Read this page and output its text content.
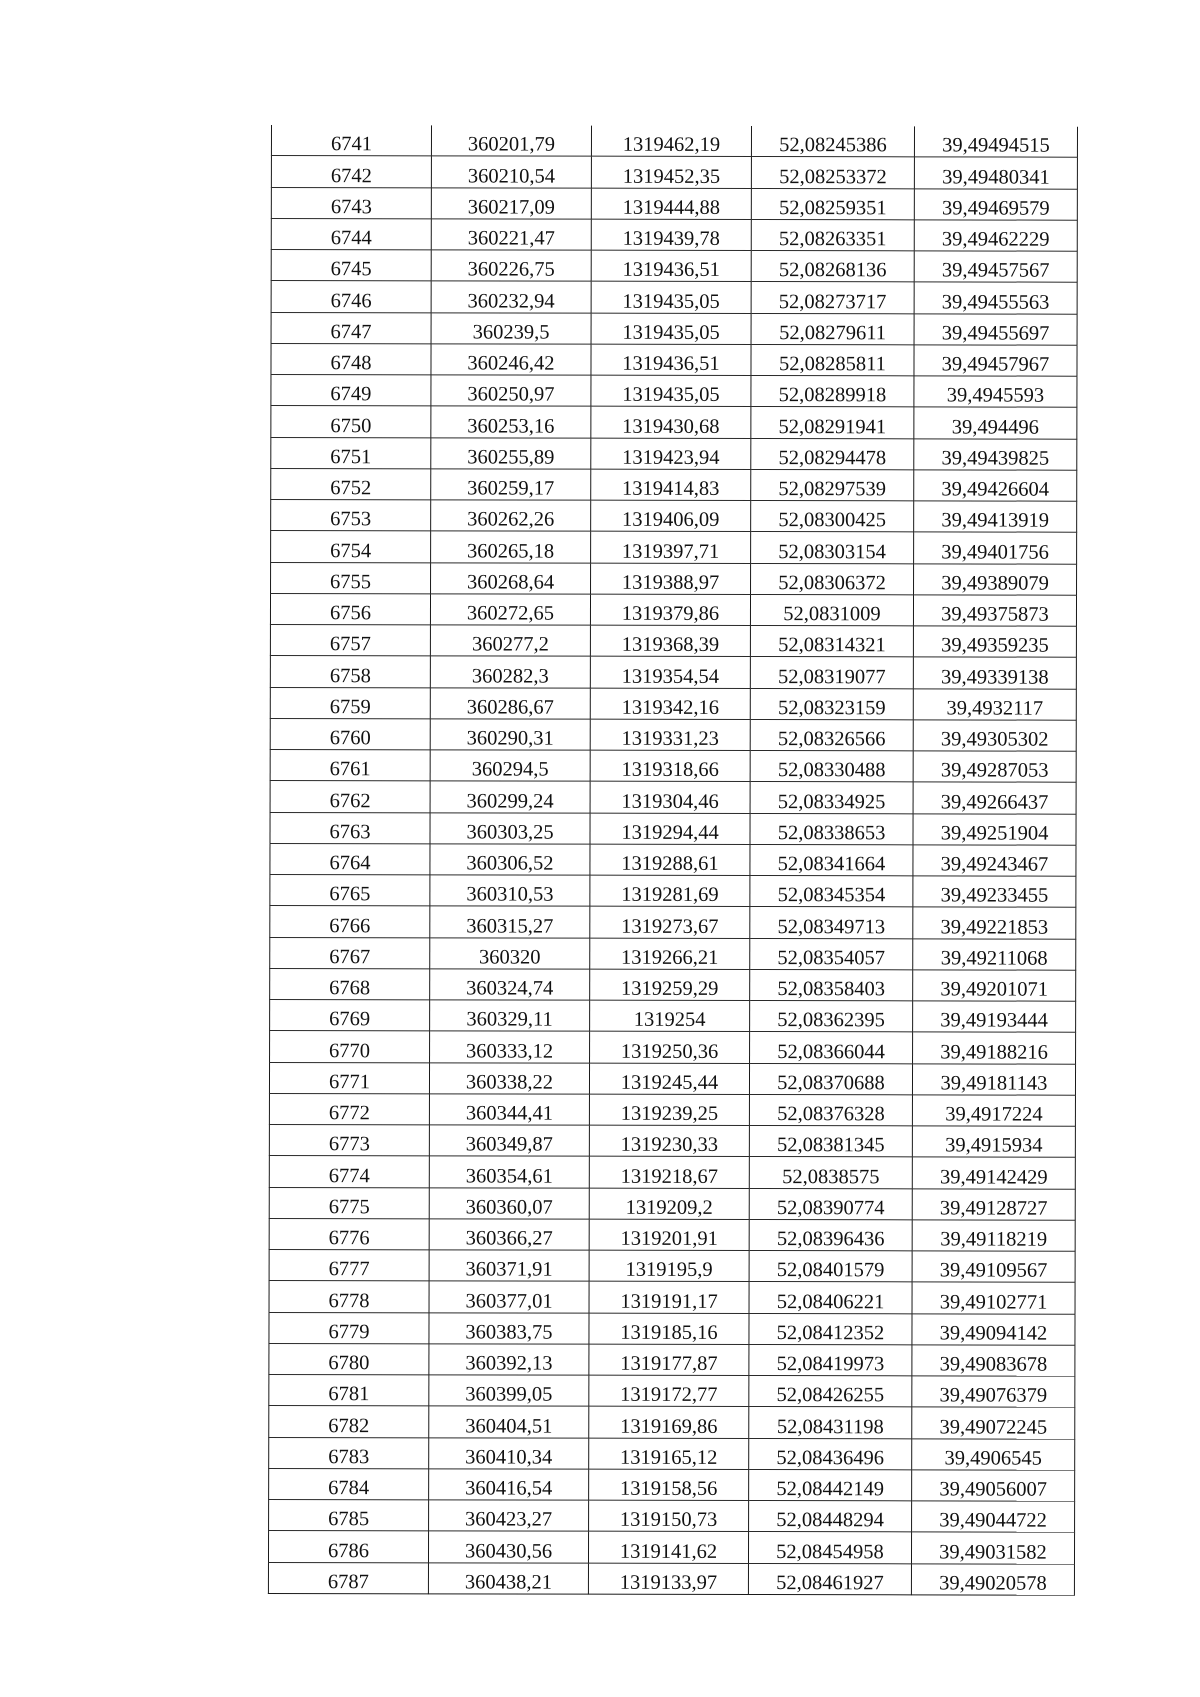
6741	360201,79	1319462,19	52,08245386	39,49494515
6742	360210,54	1319452,35	52,08253372	39,49480341
6743	360217,09	1319444,88	52,08259351	39,49469579
6744	360221,47	1319439,78	52,08263351	39,49462229
6745	360226,75	1319436,51	52,08268136	39,49457567
6746	360232,94	1319435,05	52,08273717	39,49455563
6747	360239,5	1319435,05	52,08279611	39,49455697
6748	360246,42	1319436,51	52,08285811	39,49457967
6749	360250,97	1319435,05	52,08289918	39,4945593
6750	360253,16	1319430,68	52,08291941	39,494496
6751	360255,89	1319423,94	52,08294478	39,49439825
6752	360259,17	1319414,83	52,08297539	39,49426604
6753	360262,26	1319406,09	52,08300425	39,49413919
6754	360265,18	1319397,71	52,08303154	39,49401756
6755	360268,64	1319388,97	52,08306372	39,49389079
6756	360272,65	1319379,86	52,0831009	39,49375873
6757	360277,2	1319368,39	52,08314321	39,49359235
6758	360282,3	1319354,54	52,08319077	39,49339138
6759	360286,67	1319342,16	52,08323159	39,4932117
6760	360290,31	1319331,23	52,08326566	39,49305302
6761	360294,5	1319318,66	52,08330488	39,49287053
6762	360299,24	1319304,46	52,08334925	39,49266437
6763	360303,25	1319294,44	52,08338653	39,49251904
6764	360306,52	1319288,61	52,08341664	39,49243467
6765	360310,53	1319281,69	52,08345354	39,49233455
6766	360315,27	1319273,67	52,08349713	39,49221853
6767	360320	1319266,21	52,08354057	39,49211068
6768	360324,74	1319259,29	52,08358403	39,49201071
6769	360329,11	1319254	52,08362395	39,49193444
6770	360333,12	1319250,36	52,08366044	39,49188216
6771	360338,22	1319245,44	52,08370688	39,49181143
6772	360344,41	1319239,25	52,08376328	39,4917224
6773	360349,87	1319230,33	52,08381345	39,4915934
6774	360354,61	1319218,67	52,0838575	39,49142429
6775	360360,07	1319209,2	52,08390774	39,49128727
6776	360366,27	1319201,91	52,08396436	39,49118219
6777	360371,91	1319195,9	52,08401579	39,49109567
6778	360377,01	1319191,17	52,08406221	39,49102771
6779	360383,75	1319185,16	52,08412352	39,49094142
6780	360392,13	1319177,87	52,08419973	39,49083678
6781	360399,05	1319172,77	52,08426255	39,49076379
6782	360404,51	1319169,86	52,08431198	39,49072245
6783	360410,34	1319165,12	52,08436496	39,4906545
6784	360416,54	1319158,56	52,08442149	39,49056007
6785	360423,27	1319150,73	52,08448294	39,49044722
6786	360430,56	1319141,62	52,08454958	39,49031582
6787	360438,21	1319133,97	52,08461927	39,49020578
